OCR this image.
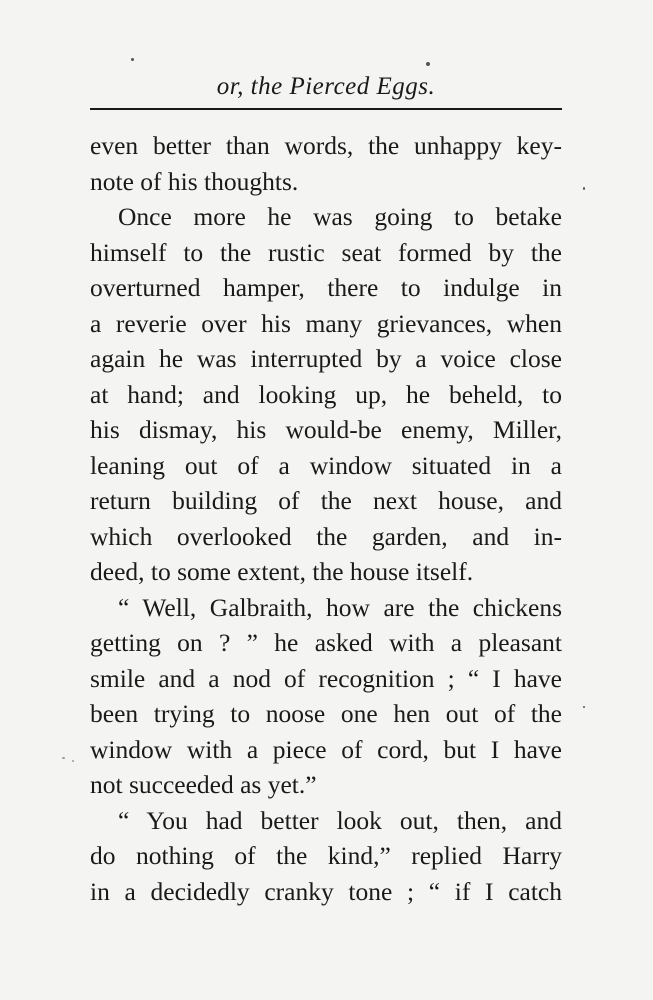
or, the Pierced Eggs.
even better than words, the unhappy key-
note of his thoughts.
Once more he was going to betake
himself to the rustic seat formed by the
overturned hamper, there to indulge in
a reverie over his many grievances, when
again he was interrupted by a voice close
at hand; and looking up, he beheld, to
his dismay, his would-be enemy, Miller,
leaning out of a window situated in a
return building of the next house, and
which overlooked the garden, and in-
deed, to some extent, the house itself.
“ Well, Galbraith, how are the chickens
getting on ? ” he asked with a pleasant
smile and a nod of recognition ; “ I have
been trying to noose one hen out of the
window with a piece of cord, but I have
not succeeded as yet.”
“ You had better look out, then, and
do nothing of the kind,” replied Harry
in a decidedly cranky tone ; “ if I catch
